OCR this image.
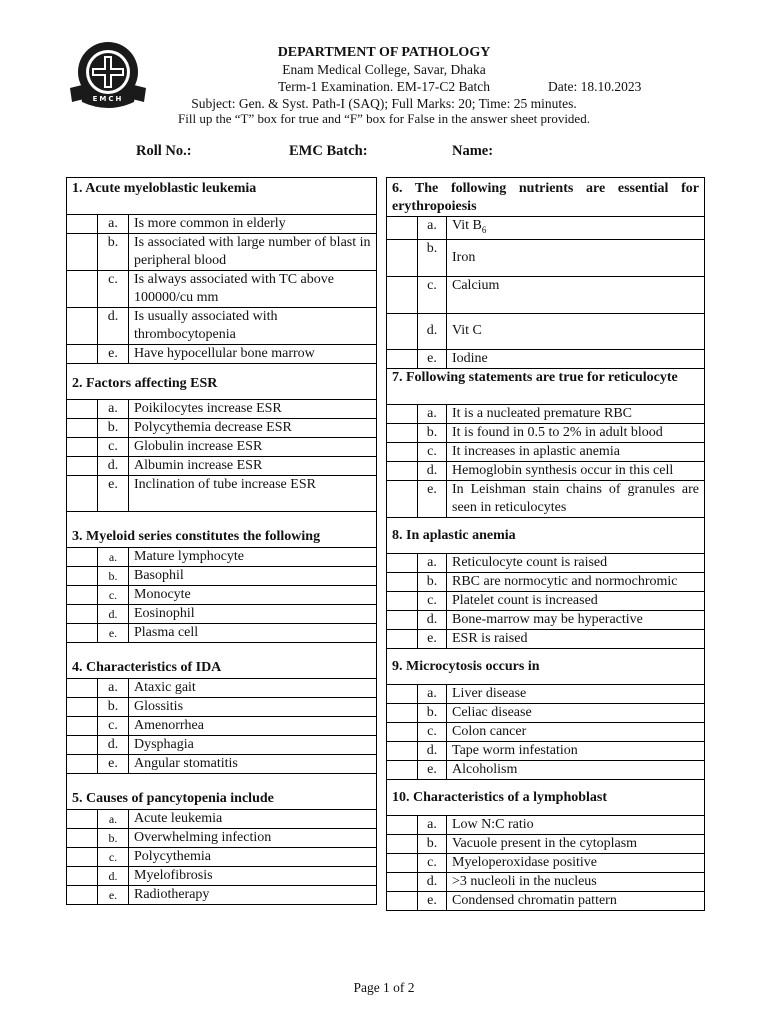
EMCH
DEPARTMENT OF PATHOLOGY
Enam Medical College, Savar, Dhaka
Term-1 Examination. EM-17-C2 Batch	Date: 18.10.2023
Subject: Gen. & Syst. Path-I (SAQ); Full Marks: 20; Time: 25 minutes.
Fill up the “T” box for true and “F” box for False in the answer sheet provided.
Roll No.:	EMC Batch:	Name:
1. Acute myeloblastic leukemia		
	a.	Is more common in elderly
	b.	Is associated with large number of blast in peripheral blood
	c.	Is always associated with TC above 100000/cu mm
	d.	Is usually associated with thrombocytopenia
	e.	Have hypocellular bone marrow
2. Factors affecting ESR		
	a.	Poikilocytes increase ESR
	b.	Polycythemia decrease ESR
	c.	Globulin increase ESR
	d.	Albumin increase ESR
	e.	Inclination of tube increase ESR
3. Myeloid series constitutes the following		
	a.	Mature lymphocyte
	b.	Basophil
	c.	Monocyte
	d.	Eosinophil
	e.	Plasma cell
4. Characteristics of IDA		
	a.	Ataxic gait
	b.	Glossitis
	c.	Amenorrhea
	d.	Dysphagia
	e.	Angular stomatitis
5. Causes of pancytopenia include		
	a.	Acute leukemia
	b.	Overwhelming infection
	c.	Polycythemia
	d.	Myelofibrosis
	e.	Radiotherapy
6. The following nutrients are essential for erythropoiesis		
	a.	Vit $B_6$
	b.	Iron
	c.	Calcium
	d.	Vit C
	e.	Iodine
7. Following statements are true for reticulocyte		
	a.	It is a nucleated premature RBC
	b.	It is found in 0.5 to 2% in adult blood
	c.	It increases in aplastic anemia
	d.	Hemoglobin synthesis occur in this cell
	e.	In Leishman stain chains of granules are seen in reticulocytes
8. In aplastic anemia		
	a.	Reticulocyte count is raised
	b.	RBC are normocytic and normochromic
	c.	Platelet count is increased
	d.	Bone-marrow may be hyperactive
	e.	ESR is raised
9. Microcytosis occurs in		
	a.	Liver disease
	b.	Celiac disease
	c.	Colon cancer
	d.	Tape worm infestation
	e.	Alcoholism
10. Characteristics of a lymphoblast		
	a.	Low N:C ratio
	b.	Vacuole present in the cytoplasm
	c.	Myeloperoxidase positive
	d.	>3 nucleoli in the nucleus
	e.	Condensed chromatin pattern
Page 1 of 2
